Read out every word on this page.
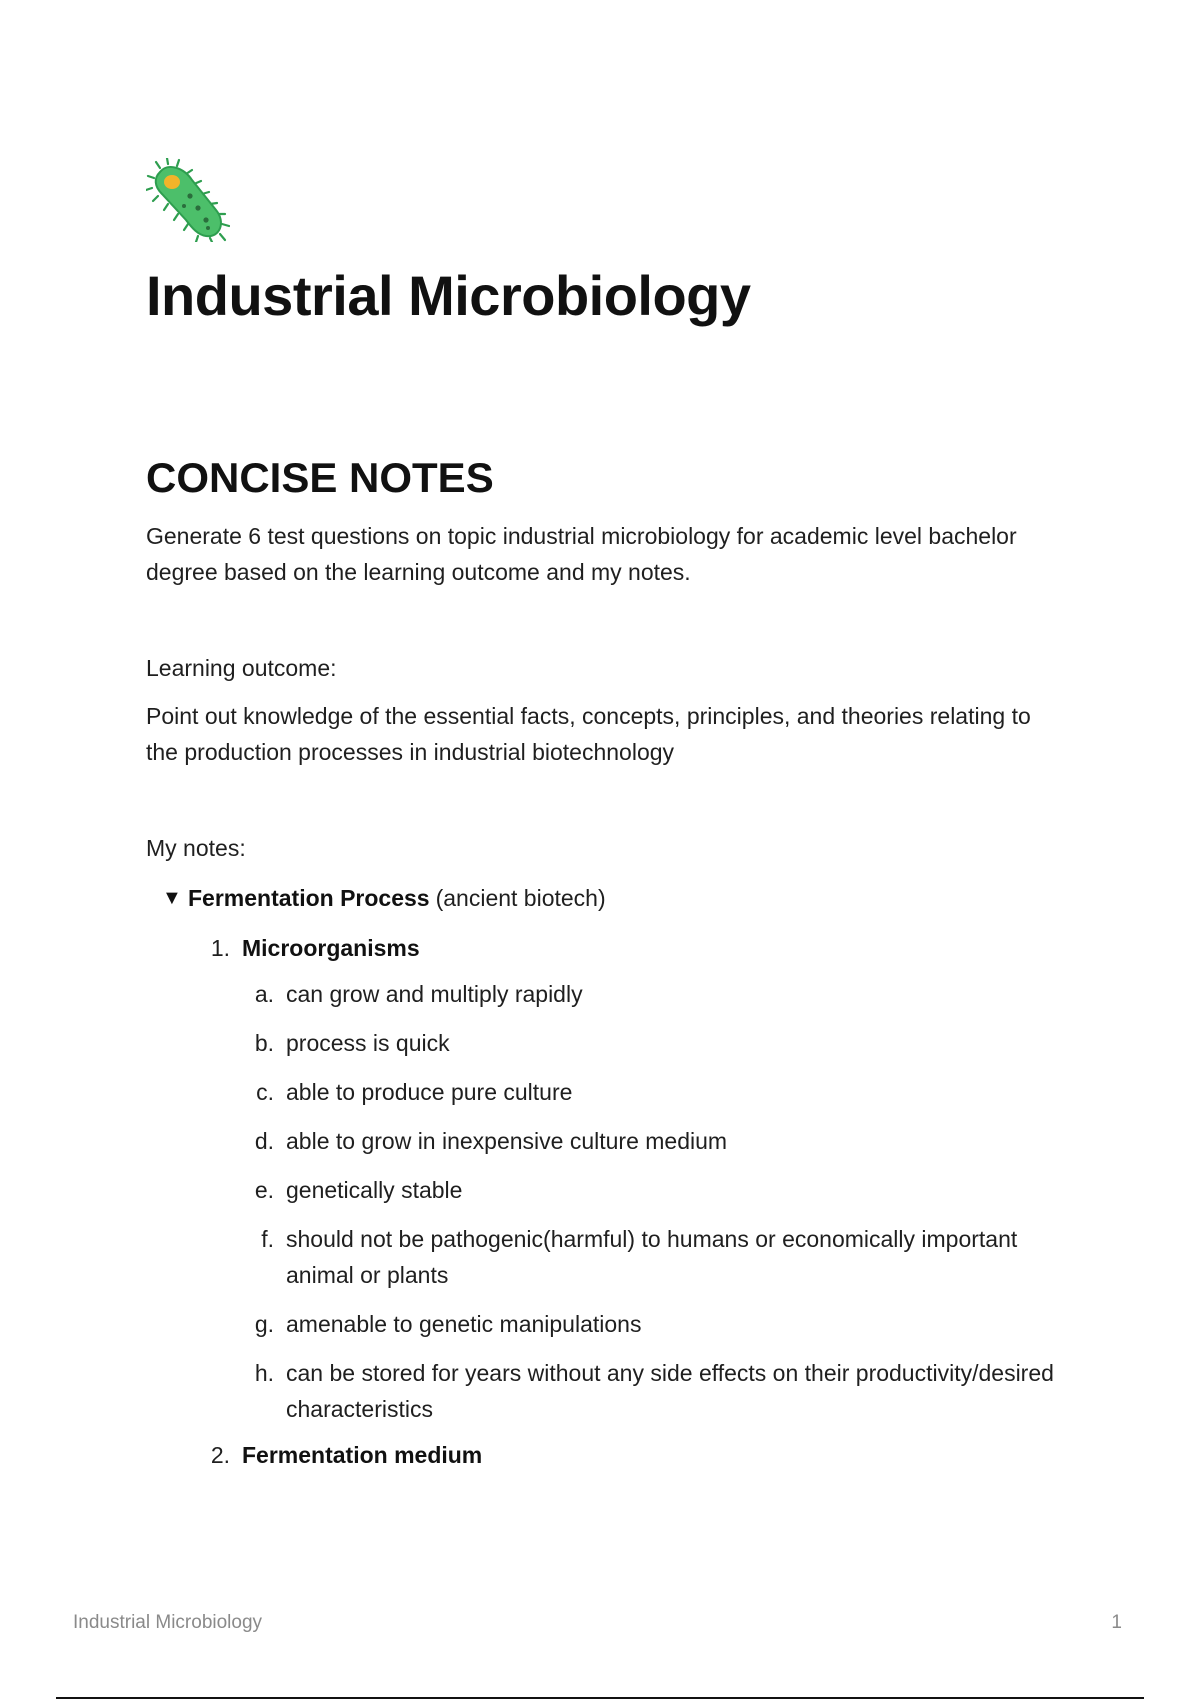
Industrial Microbiology
CONCISE NOTES

Generate 6 test questions on topic industrial microbiology for academic level bachelor degree based on the learning outcome and my notes.

Learning outcome:

Point out knowledge of the essential facts, concepts, principles, and theories relating to the production processes in industrial biotechnology

My notes:
▼ Fermentation Process (ancient biotech)
1. Microorganisms
a. can grow and multiply rapidly
b. process is quick
c. able to produce pure culture
d. able to grow in inexpensive culture medium
e. genetically stable
f. should not be pathogenic(harmful) to humans or economically important animal or plants
g. amenable to genetic manipulations
h. can be stored for years without any side effects on their productivity/desired characteristics
2. Fermentation medium
Industrial Microbiology	1
